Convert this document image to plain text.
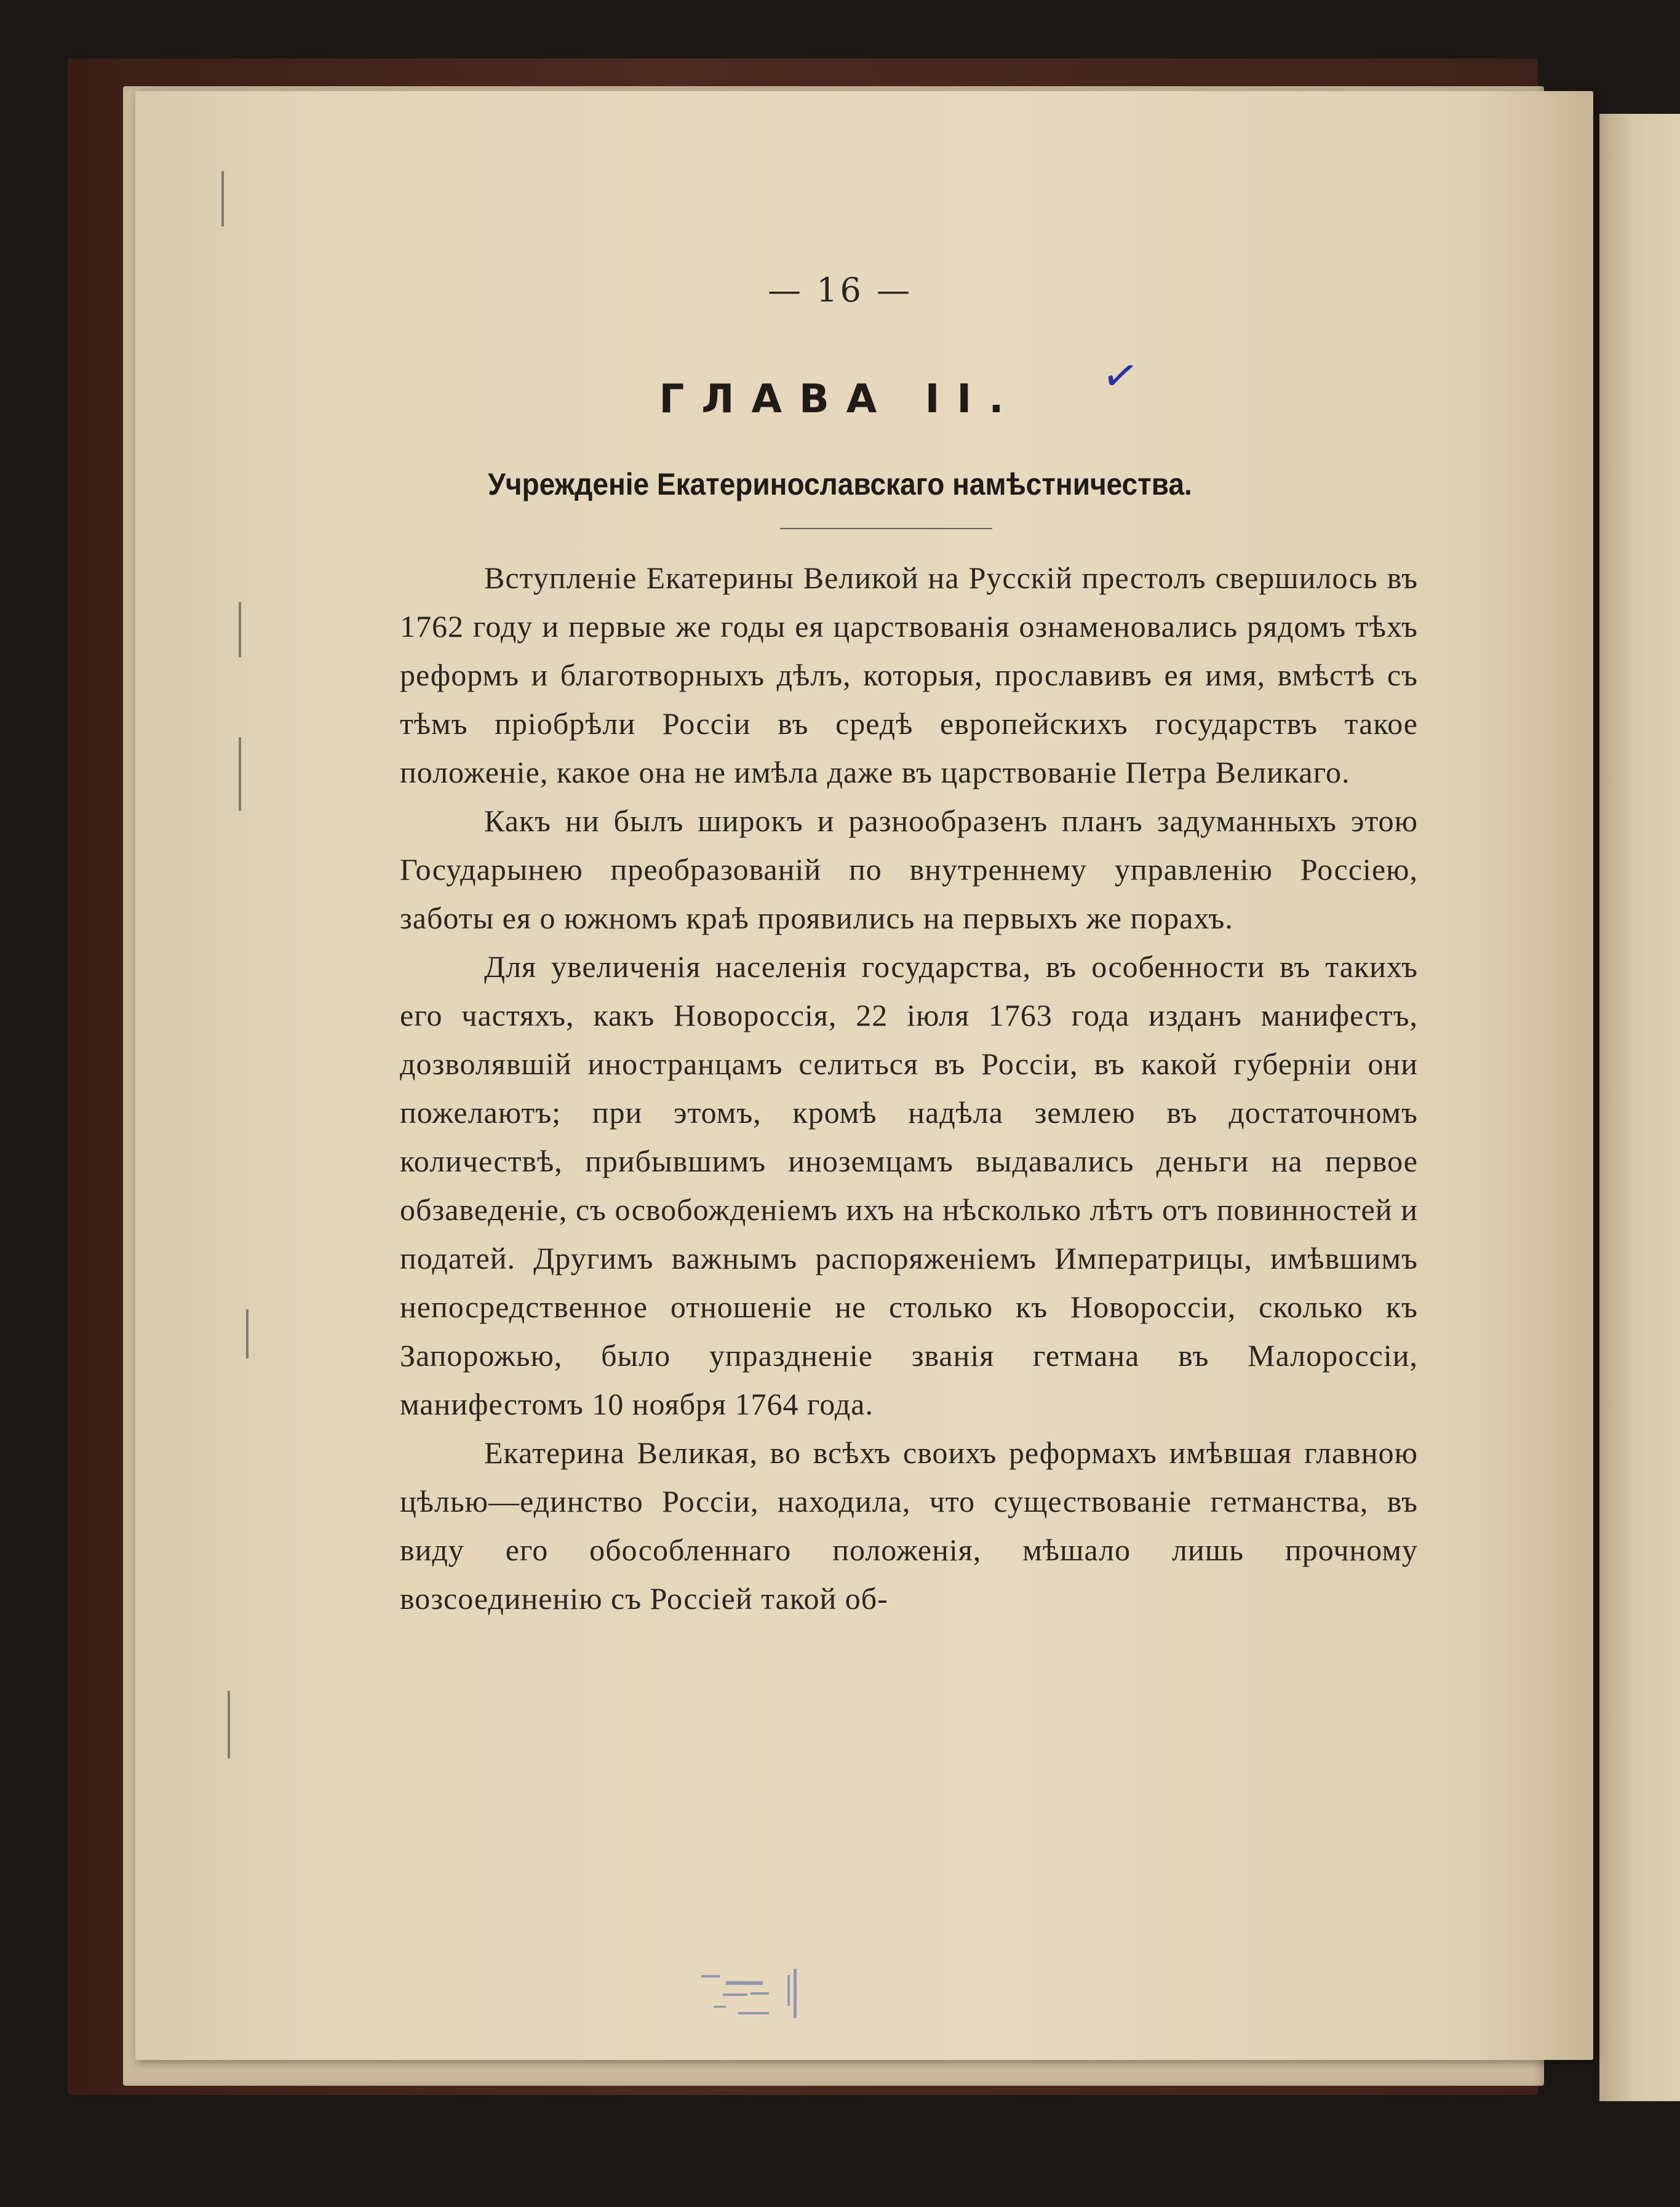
— 16 —
✓
ГЛАВА II.
Учрежденіе Екатеринославскаго намѣстничества.

Вступленіе Екатерины Великой на Русскій престолъ свершилось въ 1762 году и первые же годы ея царствованія ознаменовались рядомъ тѣхъ реформъ и благотворныхъ дѣлъ, которыя, прославивъ ея имя, вмѣстѣ съ тѣмъ пріобрѣли Россіи въ средѣ европейскихъ государствъ такое положеніе, какое она не имѣла даже въ царствованіе Петра Великаго.

Какъ ни былъ широкъ и разнообразенъ планъ задуманныхъ этою Государынею преобразованій по внутреннему управленію Россіею, заботы ея о южномъ краѣ проявились на первыхъ же порахъ.

Для увеличенія населенія государства, въ особенности въ такихъ его частяхъ, какъ Новороссія, 22 іюля 1763 года изданъ манифестъ, дозволявшій иностранцамъ селиться въ Россіи, въ какой губерніи они пожелаютъ; при этомъ, кромѣ надѣла землею въ достаточномъ количествѣ, прибывшимъ иноземцамъ выдавались деньги на первое обзаведеніе, съ освобожденіемъ ихъ на нѣсколько лѣтъ отъ повинностей и податей. Другимъ важнымъ распоряженіемъ Императрицы, имѣвшимъ непосредственное отношеніе не столько къ Новороссіи, сколько къ Запорожью, было упраздненіе званія гетмана въ Малороссіи, манифестомъ 10 ноября 1764 года.

Екатерина Великая, во всѣхъ своихъ реформахъ имѣвшая главною цѣлью—единство Россіи, находила, что существованіе гетманства, въ виду его обособленнаго положенія, мѣшало лишь прочному возсоединенію съ Россіей такой об-
